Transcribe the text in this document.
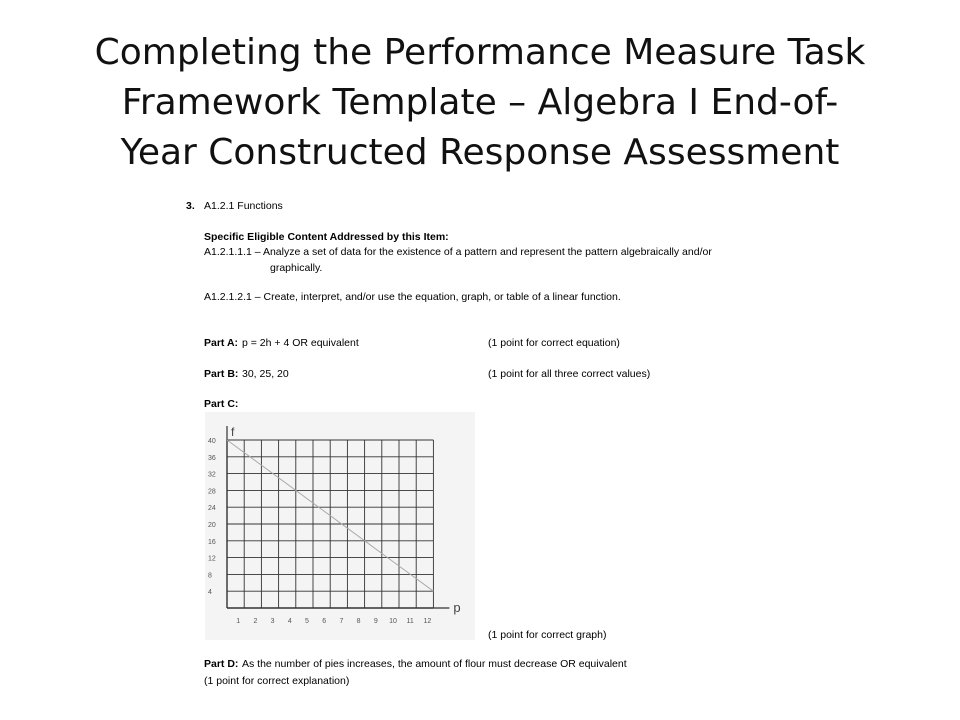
Completing the Performance Measure Task
Framework Template – Algebra I End-of-
Year Constructed Response Assessment
3. A1.2.1 Functions
Specific Eligible Content Addressed by this Item:
A1.2.1.1.1 – Analyze a set of data for the existence of a pattern and represent the pattern algebraically and/or
graphically.
A1.2.1.2.1 – Create, interpret, and/or use the equation, graph, or table of a linear function.
Part A: p = 2h + 4 OR equivalent	(1 point for correct equation)
Part B: 30, 25, 20	(1 point for all three correct values)
Part C:
1 2 3 4 5 6 7 8 9 10 11 12
40
36
32
28
24
20
16
12
8
4
f
p
(1 point for correct graph)
Part D: As the number of pies increases, the amount of flour must decrease OR equivalent
(1 point for correct explanation)
